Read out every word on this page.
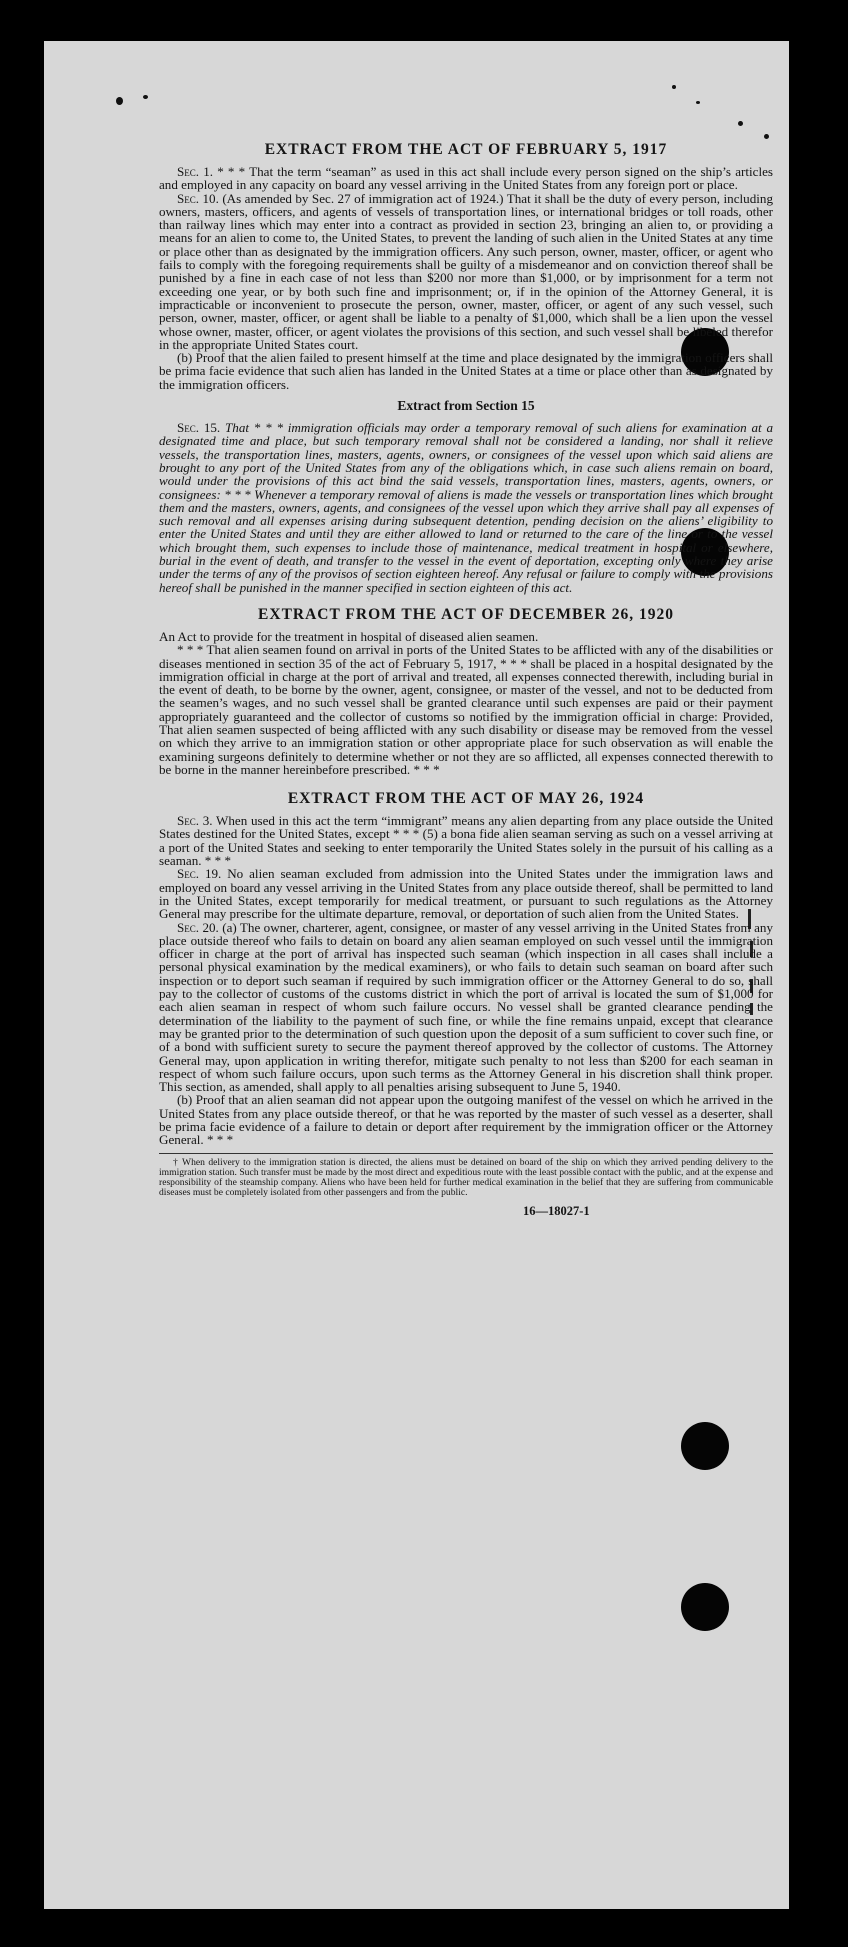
EXTRACT FROM THE ACT OF FEBRUARY 5, 1917

Sec. 1. * * * That the term “seaman” as used in this act shall include every person signed on the ship’s articles and employed in any capacity on board any vessel arriving in the United States from any foreign port or place.

Sec. 10. (As amended by Sec. 27 of immigration act of 1924.) That it shall be the duty of every person, including owners, masters, officers, and agents of vessels of transportation lines, or international bridges or toll roads, other than railway lines which may enter into a contract as provided in section 23, bringing an alien to, or providing a means for an alien to come to, the United States, to prevent the landing of such alien in the United States at any time or place other than as designated by the immigration officers. Any such person, owner, master, officer, or agent who fails to comply with the foregoing requirements shall be guilty of a misdemeanor and on conviction thereof shall be punished by a fine in each case of not less than $200 nor more than $1,000, or by imprisonment for a term not exceeding one year, or by both such fine and imprisonment; or, if in the opinion of the Attorney General, it is impracticable or inconvenient to prosecute the person, owner, master, officer, or agent of any such vessel, such person, owner, master, officer, or agent shall be liable to a penalty of $1,000, which shall be a lien upon the vessel whose owner, master, officer, or agent violates the provisions of this section, and such vessel shall be libeled therefor in the appropriate United States court.

(b) Proof that the alien failed to present himself at the time and place designated by the immigration officers shall be prima facie evidence that such alien has landed in the United States at a time or place other than as designated by the immigration officers.

Extract from Section 15

Sec. 15. That * * * immigration officials may order a temporary removal of such aliens for examination at a designated time and place, but such temporary removal shall not be considered a landing, nor shall it relieve vessels, the transportation lines, masters, agents, owners, or consignees of the vessel upon which said aliens are brought to any port of the United States from any of the obligations which, in case such aliens remain on board, would under the provisions of this act bind the said vessels, transportation lines, masters, agents, owners, or consignees: * * * Whenever a temporary removal of aliens is made the vessels or transportation lines which brought them and the masters, owners, agents, and consignees of the vessel upon which they arrive shall pay all expenses of such removal and all expenses arising during subsequent detention, pending decision on the aliens’ eligibility to enter the United States and until they are either allowed to land or returned to the care of the line or to the vessel which brought them, such expenses to include those of maintenance, medical treatment in hospital or elsewhere, burial in the event of death, and transfer to the vessel in the event of deportation, excepting only where they arise under the terms of any of the provisos of section eighteen hereof. Any refusal or failure to comply with the provisions hereof shall be punished in the manner specified in section eighteen of this act.

EXTRACT FROM THE ACT OF DECEMBER 26, 1920

An Act to provide for the treatment in hospital of diseased alien seamen.

* * * That alien seamen found on arrival in ports of the United States to be afflicted with any of the disabilities or diseases mentioned in section 35 of the act of February 5, 1917, * * * shall be placed in a hospital designated by the immigration official in charge at the port of arrival and treated, all expenses connected therewith, including burial in the event of death, to be borne by the owner, agent, consignee, or master of the vessel, and not to be deducted from the seamen’s wages, and no such vessel shall be granted clearance until such expenses are paid or their payment appropriately guaranteed and the collector of customs so notified by the immigration official in charge: Provided, That alien seamen suspected of being afflicted with any such disability or disease may be removed from the vessel on which they arrive to an immigration station or other appropriate place for such observation as will enable the examining surgeons definitely to determine whether or not they are so afflicted, all expenses connected therewith to be borne in the manner hereinbefore prescribed. * * *

EXTRACT FROM THE ACT OF MAY 26, 1924

Sec. 3. When used in this act the term “immigrant” means any alien departing from any place outside the United States destined for the United States, except * * * (5) a bona fide alien seaman serving as such on a vessel arriving at a port of the United States and seeking to enter temporarily the United States solely in the pursuit of his calling as a seaman. * * *

Sec. 19. No alien seaman excluded from admission into the United States under the immigration laws and employed on board any vessel arriving in the United States from any place outside thereof, shall be permitted to land in the United States, except temporarily for medical treatment, or pursuant to such regulations as the Attorney General may prescribe for the ultimate departure, removal, or deportation of such alien from the United States.

Sec. 20. (a) The owner, charterer, agent, consignee, or master of any vessel arriving in the United States from any place outside thereof who fails to detain on board any alien seaman employed on such vessel until the immigration officer in charge at the port of arrival has inspected such seaman (which inspection in all cases shall include a personal physical examination by the medical examiners), or who fails to detain such seaman on board after such inspection or to deport such seaman if required by such immigration officer or the Attorney General to do so, shall pay to the collector of customs of the customs district in which the port of arrival is located the sum of $1,000 for each alien seaman in respect of whom such failure occurs. No vessel shall be granted clearance pending the determination of the liability to the payment of such fine, or while the fine remains unpaid, except that clearance may be granted prior to the determination of such question upon the deposit of a sum sufficient to cover such fine, or of a bond with sufficient surety to secure the payment thereof approved by the collector of customs. The Attorney General may, upon application in writing therefor, mitigate such penalty to not less than $200 for each seaman in respect of whom such failure occurs, upon such terms as the Attorney General in his discretion shall think proper. This section, as amended, shall apply to all penalties arising subsequent to June 5, 1940.

(b) Proof that an alien seaman did not appear upon the outgoing manifest of the vessel on which he arrived in the United States from any place outside thereof, or that he was reported by the master of such vessel as a deserter, shall be prima facie evidence of a failure to detain or deport after requirement by the immigration officer or the Attorney General. * * *

† When delivery to the immigration station is directed, the aliens must be detained on board of the ship on which they arrived pending delivery to the immigration station. Such transfer must be made by the most direct and expeditious route with the least possible contact with the public, and at the expense and responsibility of the steamship company. Aliens who have been held for further medical examination in the belief that they are suffering from communicable diseases must be completely isolated from other passengers and from the public.

16—18027-1
